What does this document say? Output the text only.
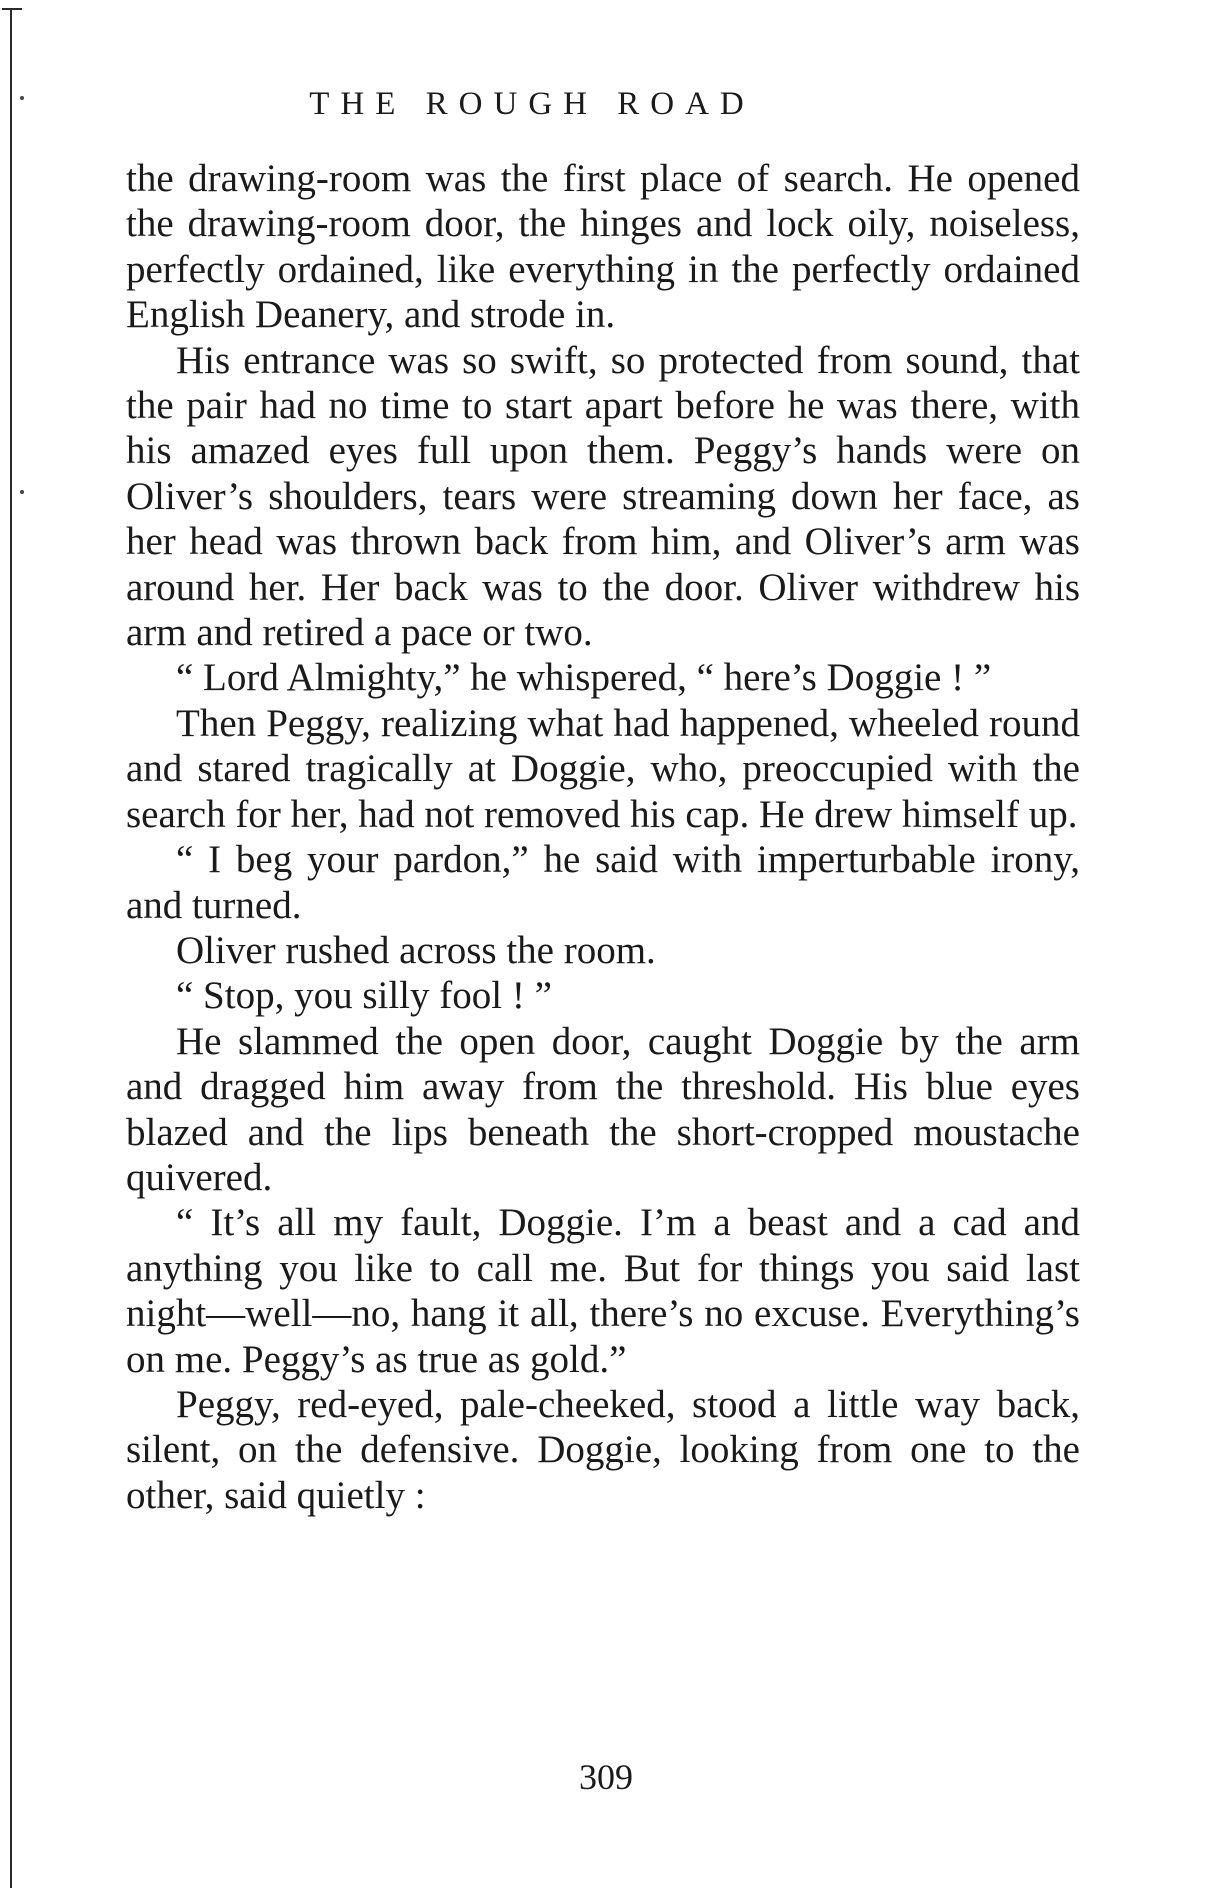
THE ROUGH ROAD

the drawing-room was the first place of search. He opened the drawing-room door, the hinges and lock oily, noiseless, perfectly ordained, like everything in the perfectly ordained English Deanery, and strode in.

His entrance was so swift, so protected from sound, that the pair had no time to start apart before he was there, with his amazed eyes full upon them. Peggy’s hands were on Oliver’s shoulders, tears were streaming down her face, as her head was thrown back from him, and Oliver’s arm was around her. Her back was to the door. Oliver withdrew his arm and retired a pace or two.

“ Lord Almighty,” he whispered, “ here’s Doggie ! ”

Then Peggy, realizing what had happened, wheeled round and stared tragically at Doggie, who, preoccupied with the search for her, had not removed his cap. He drew himself up.

“ I beg your pardon,” he said with imperturbable irony, and turned.

Oliver rushed across the room.

“ Stop, you silly fool ! ”

He slammed the open door, caught Doggie by the arm and dragged him away from the threshold. His blue eyes blazed and the lips beneath the short-cropped moustache quivered.

“ It’s all my fault, Doggie. I’m a beast and a cad and anything you like to call me. But for things you said last night—well—no, hang it all, there’s no excuse. Everything’s on me. Peggy’s as true as gold.”

Peggy, red-eyed, pale-cheeked, stood a little way back, silent, on the defensive. Doggie, looking from one to the other, said quietly :

309
